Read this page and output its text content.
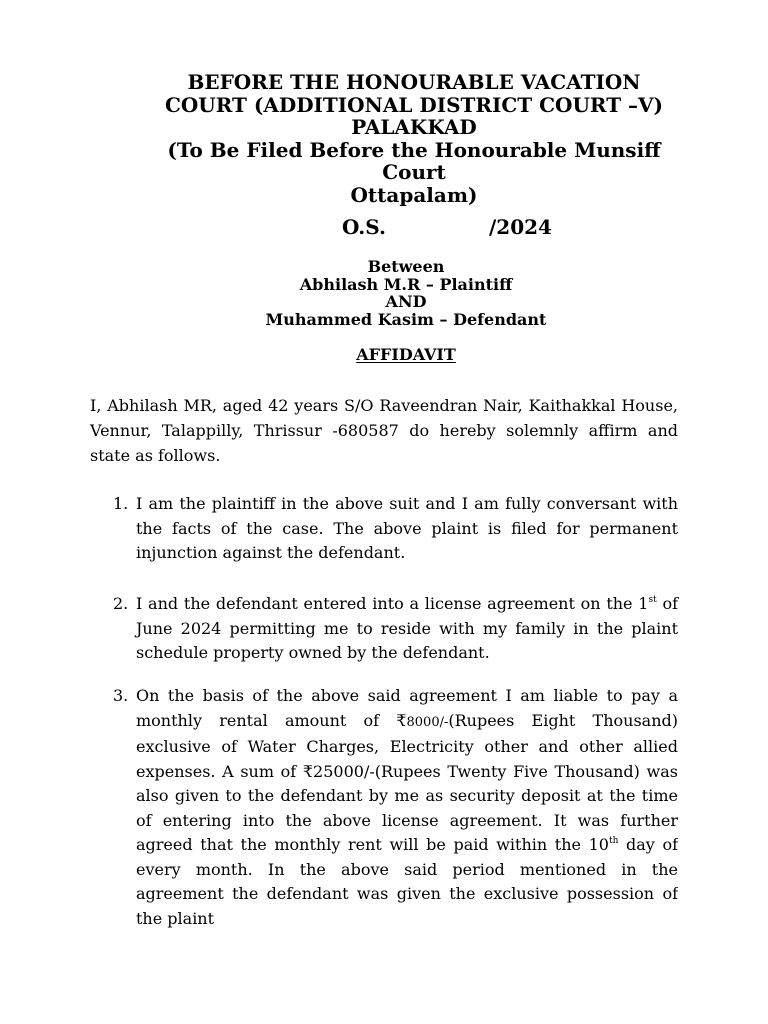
BEFORE THE HONOURABLE VACATION
COURT (ADDITIONAL DISTRICT COURT –V)
PALAKKAD
(To Be Filed Before the Honourable Munsiff
Court
Ottapalam)
O.S.	/2024
Between
Abhilash M.R – Plaintiff
AND
Muhammed Kasim – Defendant
AFFIDAVIT
I, Abhilash MR, aged 42 years S/O Raveendran Nair, Kaithakkal House, Vennur, Talappilly, Thrissur -680587 do hereby solemnly affirm and state as follows.
1. I am the plaintiff in the above suit and I am fully conversant with the facts of the case. The above plaint is filed for permanent injunction against the defendant.
2. I and the defendant entered into a license agreement on the 1st of June 2024 permitting me to reside with my family in the plaint schedule property owned by the defendant.
3. On the basis of the above said agreement I am liable to pay a monthly rental amount of ₹8000/-(Rupees Eight Thousand) exclusive of Water Charges, Electricity other and other allied expenses. A sum of ₹25000/-(Rupees Twenty Five Thousand) was also given to the defendant by me as security deposit at the time of entering into the above license agreement. It was further agreed that the monthly rent will be paid within the 10th day of every month. In the above said period mentioned in the agreement the defendant was given the exclusive possession of the plaint
